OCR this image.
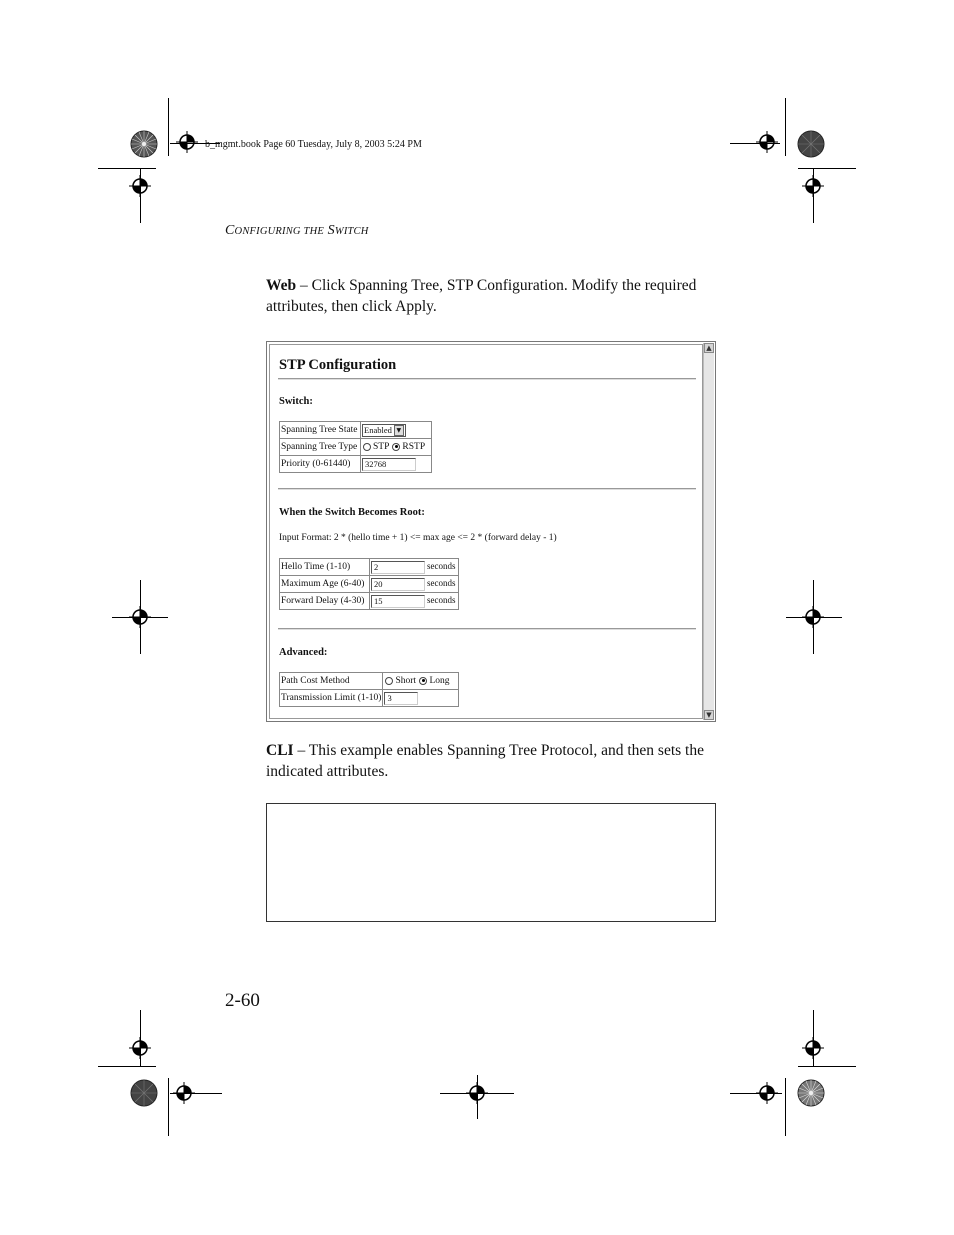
b_mgmt.book Page 60 Tuesday, July 8, 2003 5:24 PM
CONFIGURING THE SWITCH
Web – Click Spanning Tree, STP Configuration. Modify the required attributes, then click Apply.
STP Configuration
Switch:
Spanning Tree State	Enabled ▼
Spanning Tree Type	STP RSTP
Priority (0-61440)	32768
When the Switch Becomes Root:
Input Format: 2 * (hello time + 1) <= max age <= 2 * (forward delay - 1)
Hello Time (1-10)	2 seconds
Maximum Age (6-40)	20 seconds
Forward Delay (4-30)	15 seconds
Advanced:
Path Cost Method	Short Long
Transmission Limit (1-10)	3
▲
▼
CLI – This example enables Spanning Tree Protocol, and then sets the indicated attributes.
2-60
